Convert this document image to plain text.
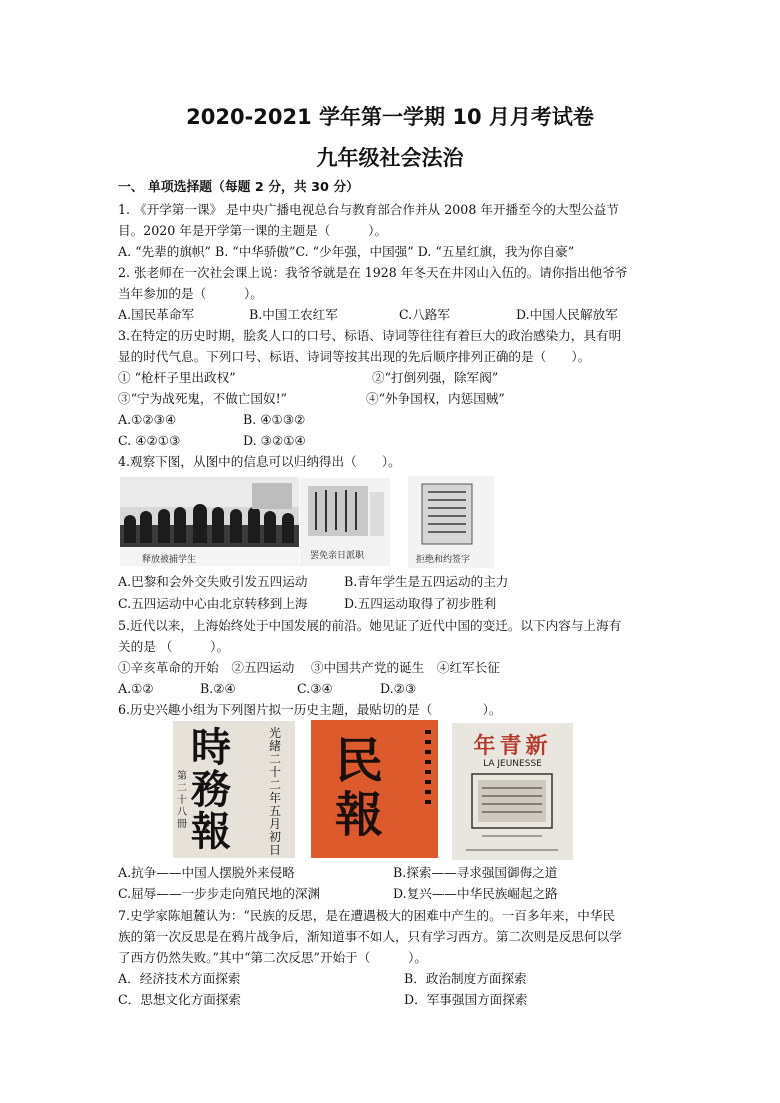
2020-2021 学年第一学期 10 月月考试卷
九年级社会法治
一、 单项选择题（每题 2 分，共 30 分）
1. 《开学第一课》 是中央广播电视总台与教育部合作并从 2008 年开播至今的大型公益节
目。2020 年是开学第一课的主题是（　　　）。
A. “先辈的旗帜” B. “中华骄傲”C. “少年强，中国强” D. “五星红旗，我为你自豪”
2. 张老师在一次社会课上说：我爷爷就是在 1928 年冬天在井冈山入伍的。请你指出他爷爷
当年参加的是（　　　）。
A.国民革命军	B.中国工农红军	C.八路军	D.中国人民解放军
3.在特定的历史时期，脍炙人口的口号、标语、诗词等往往有着巨大的政治感染力，具有明
显的时代气息。下列口号、标语、诗词等按其出现的先后顺序排列正确的是（　　）。
① “枪杆子里出政权”	②“打倒列强，除军阀”
③“宁为战死鬼，不做亡国奴!”	④“外争国权，内惩国贼”
A.①②③④	B. ④①③②
C. ④②①③	D. ③②①④
4.观察下图，从图中的信息可以归纳得出（　　）。
释放被捕学生	罢免亲日派职	拒绝和约签字
A.巴黎和会外交失败引发五四运动	B.青年学生是五四运动的主力
C.五四运动中心由北京转移到上海	D.五四运动取得了初步胜利
5.近代以来，上海始终处于中国发展的前沿。她见证了近代中国的变迁。以下内容与上海有
关的是 （　　　）。
①辛亥革命的开始　②五四运动　 ③中国共产党的诞生　④红军长征
A.①②	B.②④	C.③④	D.②③
6.历史兴趣小组为下列图片拟一历史主题，最贴切的是（　　　　）。
時務報
光緒二十二年五月初日
第二十八冊
民報
年青新
LA JEUNESSE
A.抗争——中国人摆脱外来侵略	B.探索——寻求强国御侮之道
C.屈辱——一步步走向殖民地的深渊	D.复兴——中华民族崛起之路
7.史学家陈旭麓认为：“民族的反思，是在遭遇极大的困难中产生的。一百多年来，中华民
族的第一次反思是在鸦片战争后，渐知道事不如人，只有学习西方。第二次则是反思何以学
了西方仍然失败。”其中“第二次反思”开始于（　　　）。
A．经济技术方面探索	B．政治制度方面探索
C．思想文化方面探索	D．军事强国方面探索
